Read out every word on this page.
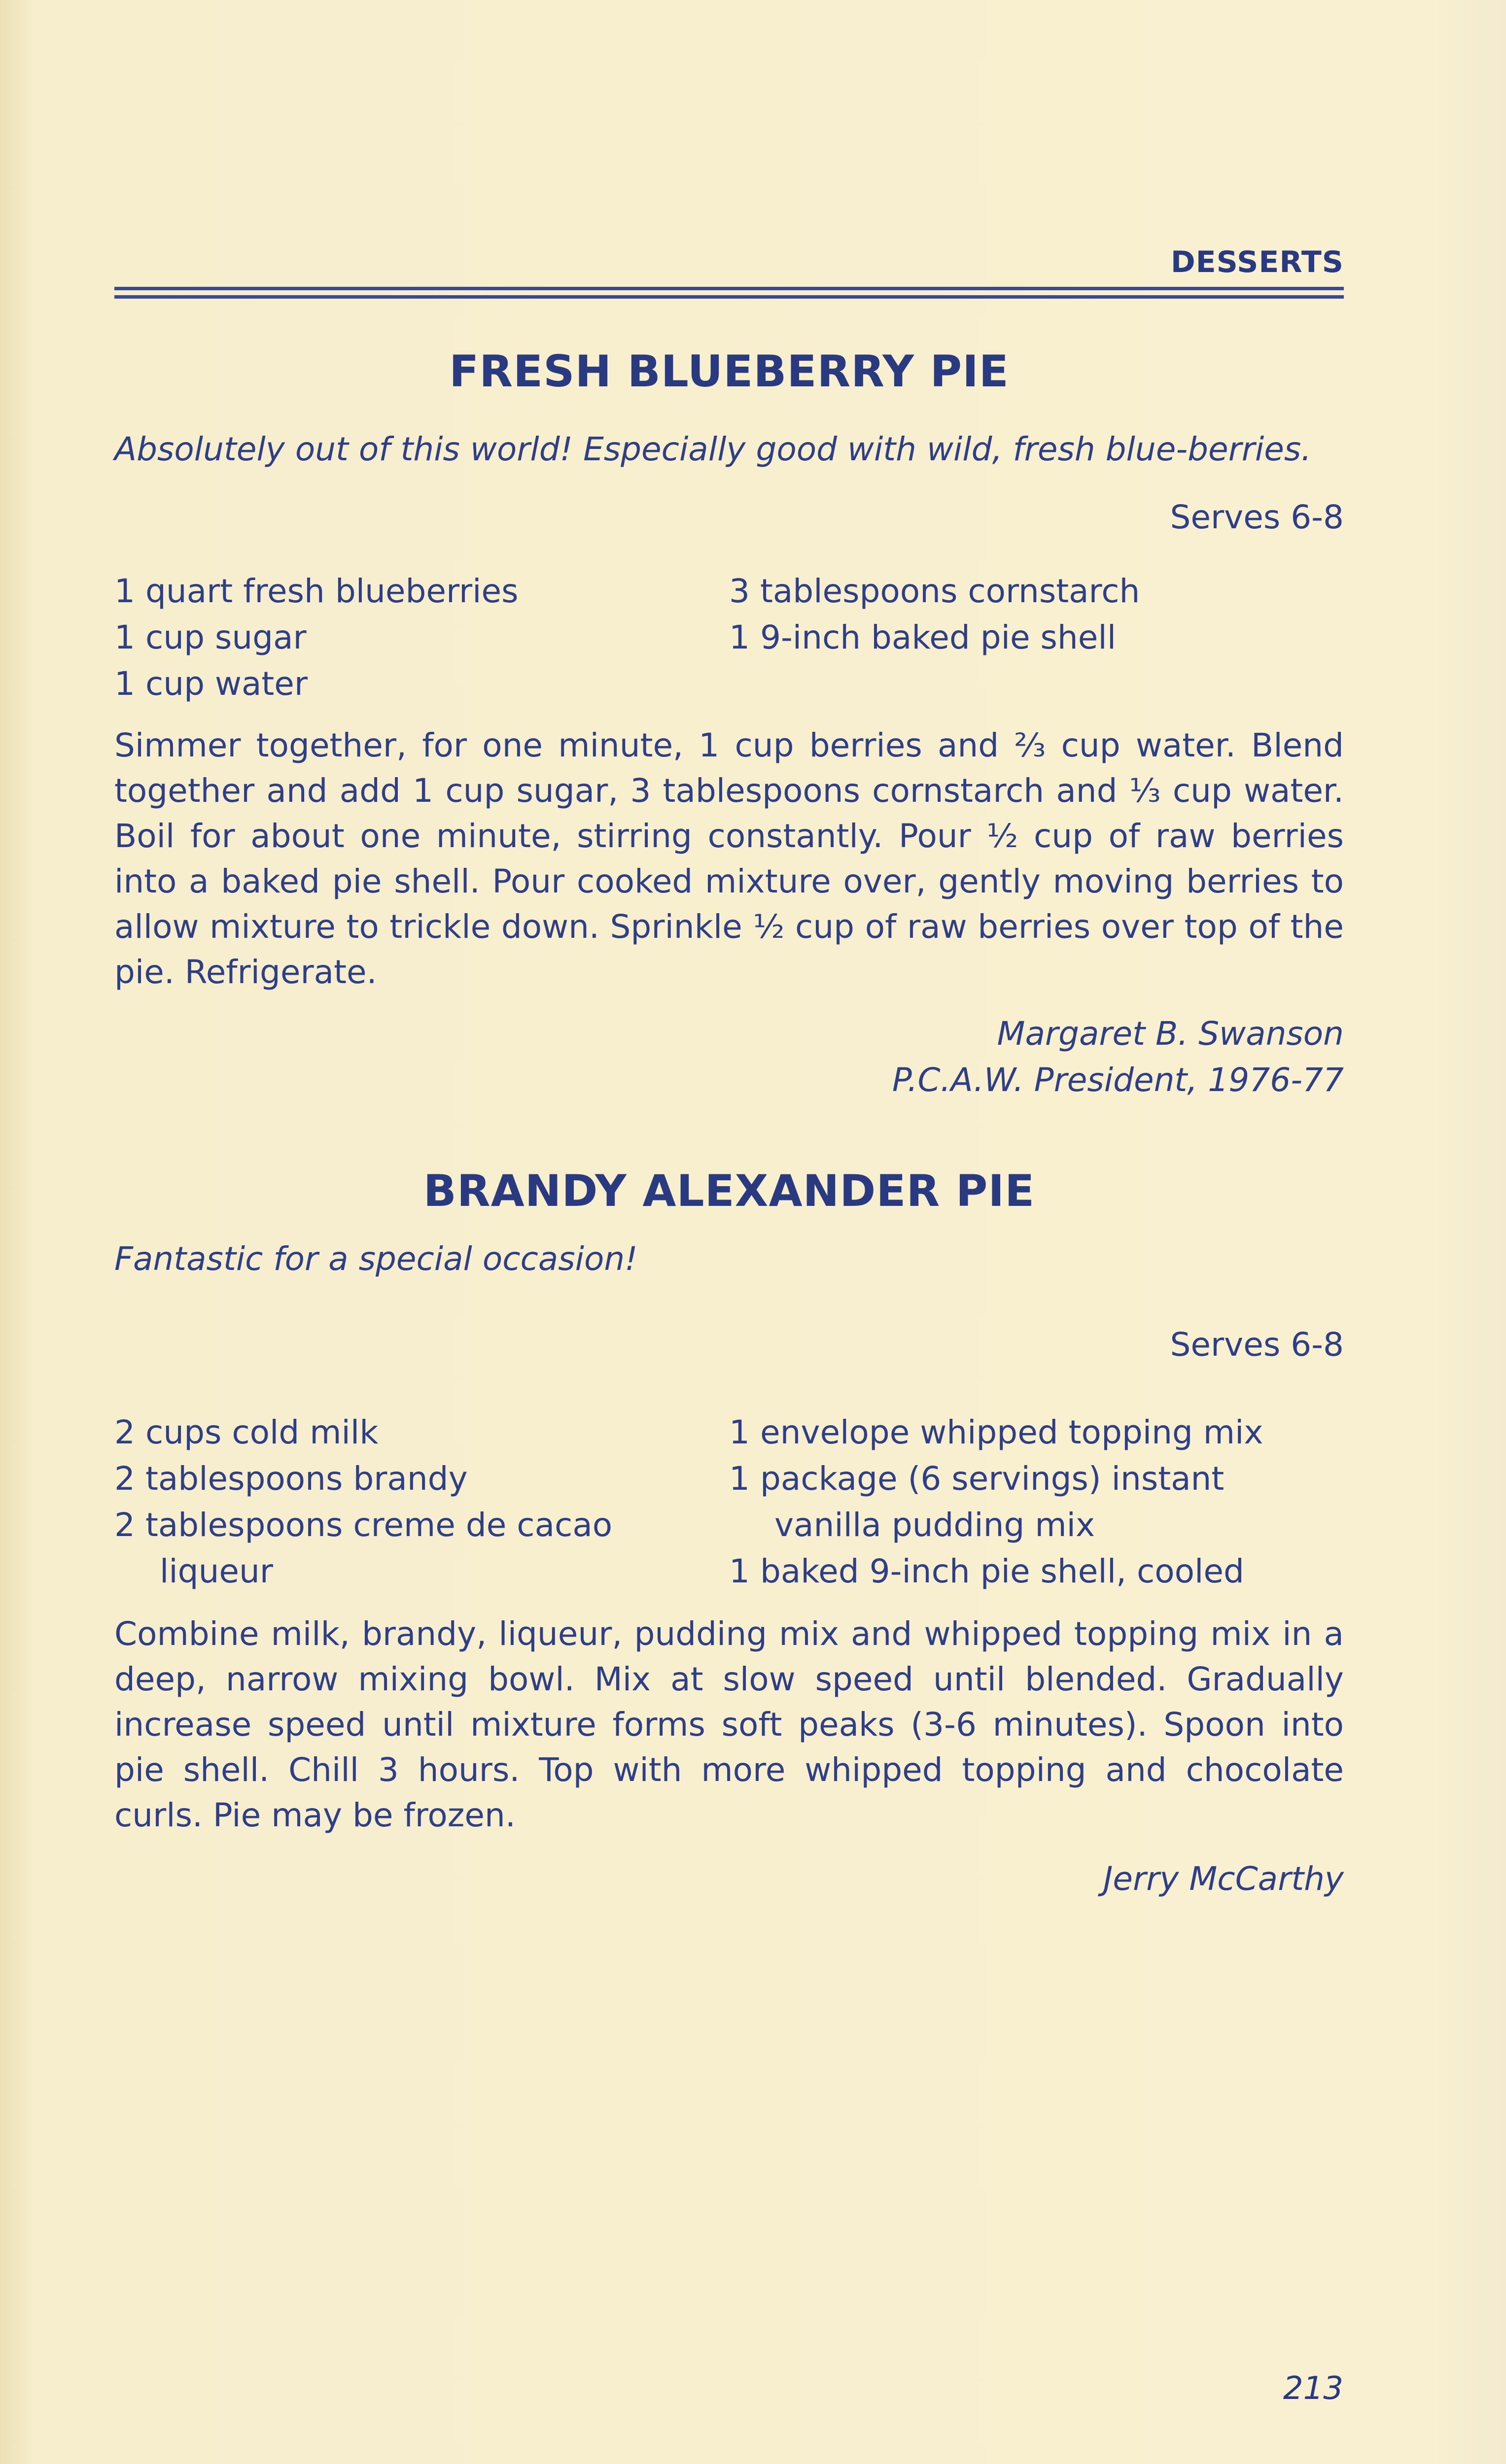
DESSERTS
FRESH BLUEBERRY PIE

Absolutely out of this world! Especially good with wild, fresh blue-berries.

Serves 6-8

1 quart fresh blueberries
1 cup sugar
1 cup water
3 tablespoons cornstarch
1 9-inch baked pie shell

Simmer together, for one minute, 1 cup berries and ⅔ cup water. Blend together and add 1 cup sugar, 3 tablespoons cornstarch and ⅓ cup water. Boil for about one minute, stirring constantly. Pour ½ cup of raw berries into a baked pie shell. Pour cooked mixture over, gently moving berries to allow mixture to trickle down. Sprinkle ½ cup of raw berries over top of the pie. Refrigerate.

Margaret B. Swanson
P.C.A.W. President, 1976-77
BRANDY ALEXANDER PIE

Fantastic for a special occasion!

Serves 6-8

2 cups cold milk
2 tablespoons brandy
2 tablespoons creme de cacao
liqueur
1 envelope whipped topping mix
1 package (6 servings) instant
vanilla pudding mix
1 baked 9-inch pie shell, cooled

Combine milk, brandy, liqueur, pudding mix and whipped topping mix in a deep, narrow mixing bowl. Mix at slow speed until blended. Gradually increase speed until mixture forms soft peaks (3-6 minutes). Spoon into pie shell. Chill 3 hours. Top with more whipped topping and chocolate curls. Pie may be frozen.

Jerry McCarthy
213
